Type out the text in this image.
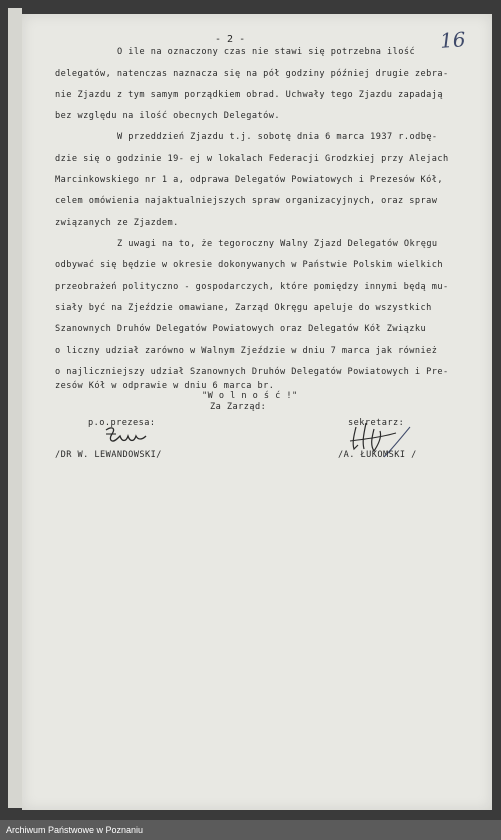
- 2 -	16
O ile na oznaczony czas nie stawi się potrzebna ilość
delegatów, natenczas naznacza się na pół godziny później drugie zebra-
nie Zjazdu z tym samym porządkiem obrad. Uchwały tego Zjazdu zapadają
bez względu na ilość obecnych Delegatów.
W przeddzień Zjazdu t.j. sobotę dnia 6 marca 1937 r.odbę-
dzie się o godzinie 19- ej w lokalach Federacji Grodzkiej przy Alejach
Marcinkowskiego nr 1 a, odprawa Delegatów Powiatowych i Prezesów Kół,
celem omówienia najaktualniejszych spraw organizacyjnych, oraz spraw
związanych ze Zjazdem.
Z uwagi na to, że tegoroczny Walny Zjazd Delegatów Okręgu
odbywać się będzie w okresie dokonywanych w Państwie Polskim wielkich
przeobrażeń polityczno - gospodarczych, które pomiędzy innymi będą mu-
siały być na Zjeździe omawiane, Zarząd Okręgu apeluje do wszystkich
Szanownych Druhów Delegatów Powiatowych oraz Delegatów Kół Związku
o liczny udział zarówno w Walnym Zjeździe w dniu 7 marca jak również
o najliczniejszy udział Szanownych Druhów Delegatów Powiatowych i Pre-
zesów Kół w odprawie w dniu 6 marca br.
"W o l n o ś ć !"
Za Zarząd:
p.o.prezesa:	sekretarz:
/DR W. LEWANDOWSKI/	/A. ŁUKOMSKI /
Archiwum Państwowe w Poznaniu
